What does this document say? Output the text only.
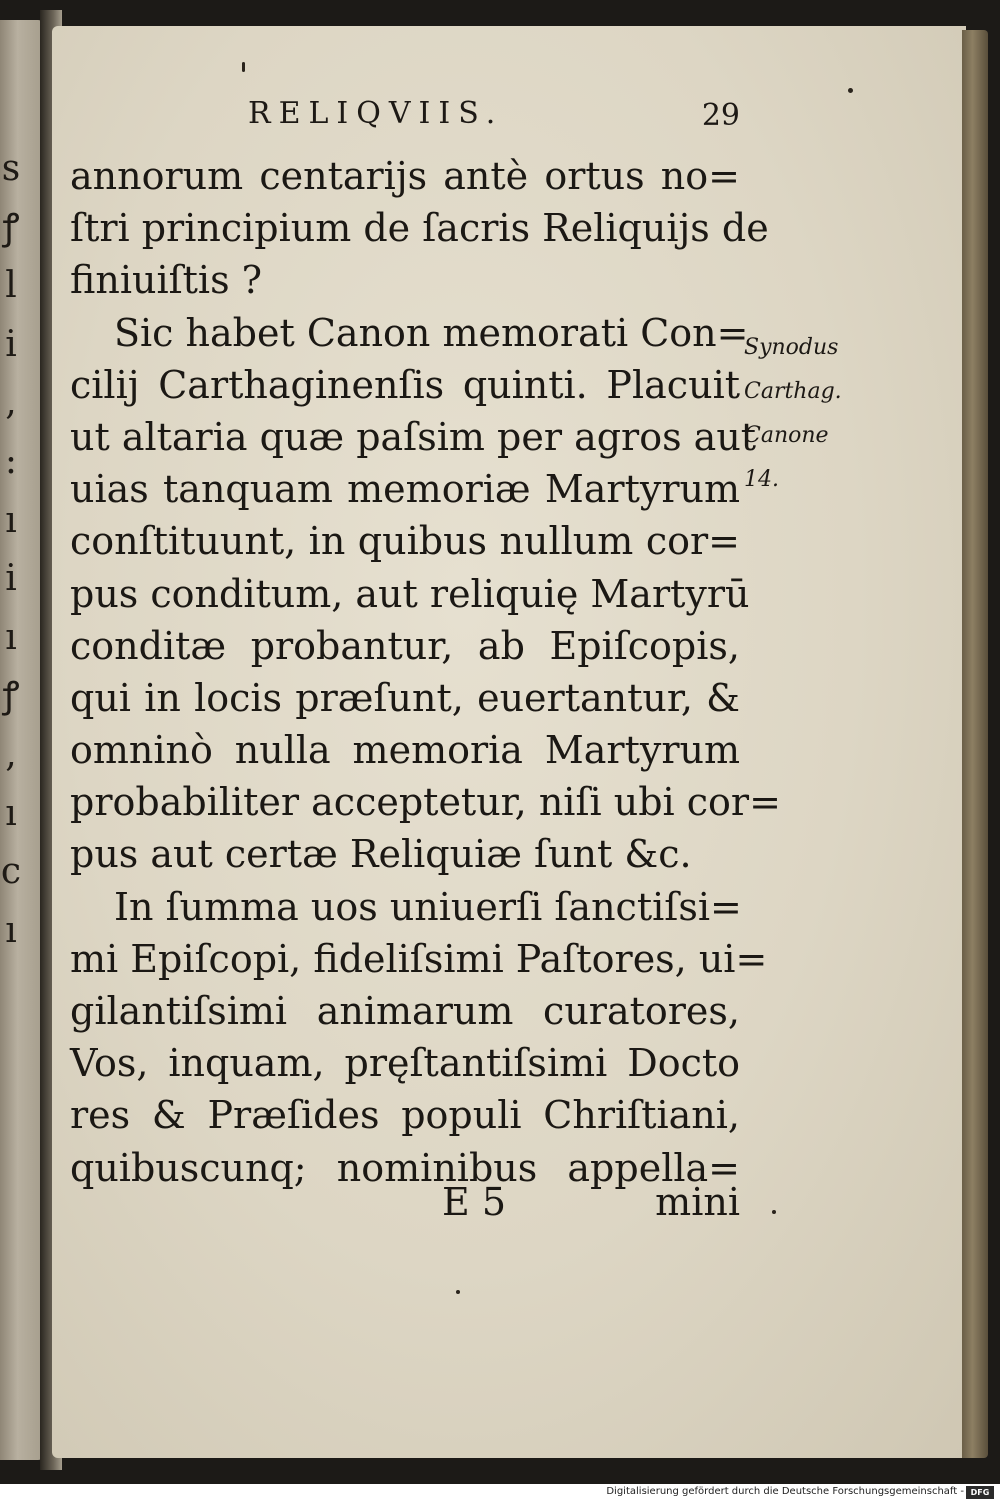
s
ꝭ
l
i
,
:
ı
i
ı
ꝭ
,
ı
c
ı
RELIQVIIS.	29
annorum centarijs antè ortus no=
ſtri principium de ſacris Reliquijs de
finiuiſtis ?
Sic habet Canon memorati Con=
cilij Carthaginenſis quinti. Placuit
ut altaria quæ paſsim per agros aut
uias tanquam memoriæ Martyrum
conſtituunt, in quibus nullum cor=
pus conditum, aut reliquię Martyrū
conditæ probantur, ab Epiſcopis,
qui in locis præſunt, euertantur, &
omninò nulla memoria Martyrum
probabiliter acceptetur, niſi ubi cor=
pus aut certæ Reliquiæ ſunt &c.
In ſumma uos uniuerſi ſanctiſsi=
mi Epiſcopi, fideliſsimi Paſtores, ui=
gilantiſsimi animarum curatores,
Vos, inquam, pręſtantiſsimi Docto
res & Præſides populi Chriſtiani,
quibuscunq; nominibus appella=
E 5	mini
Synodus
Carthag.
Canone
14.
Digitalisierung gefördert durch die Deutsche Forschungsgemeinschaft - DFG
